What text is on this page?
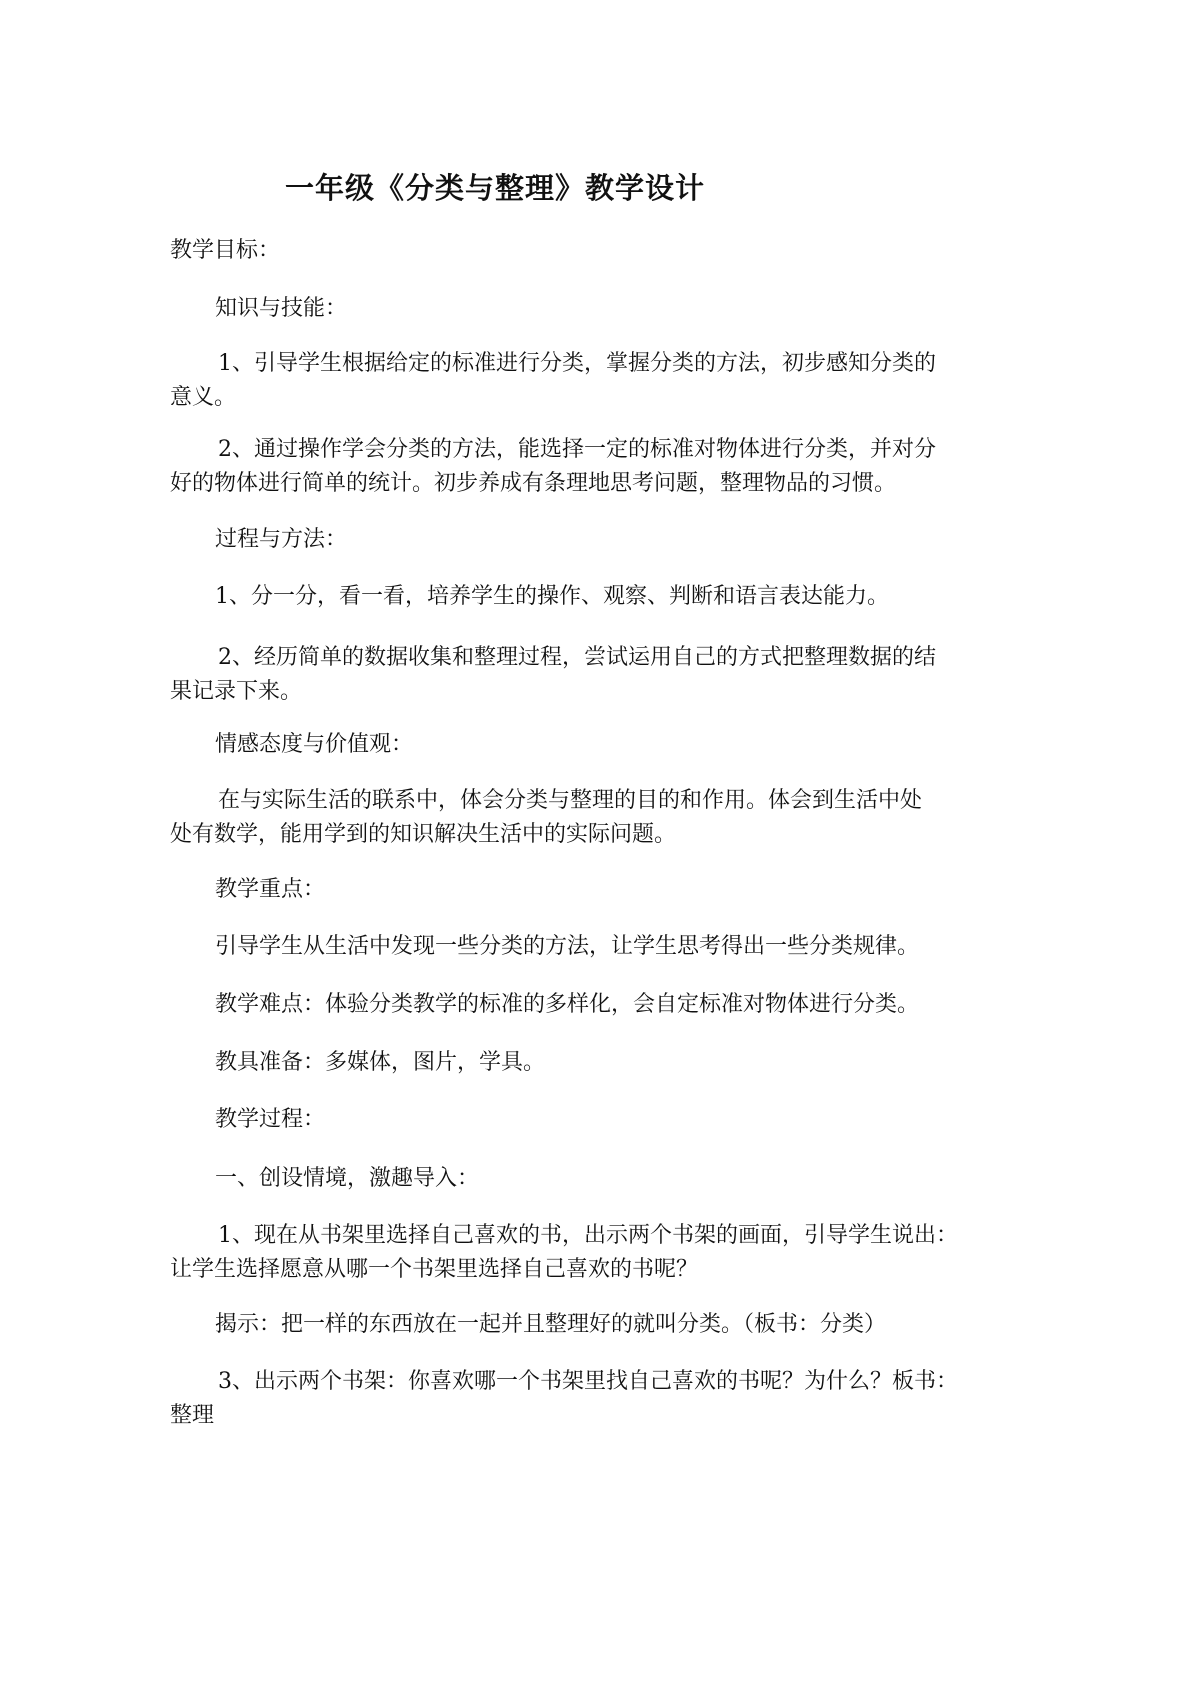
一年级《分类与整理》教学设计
教学目标：
知识与技能：
1、引导学生根据给定的标准进行分类，掌握分类的方法，初步感知分类的
意义。
2、通过操作学会分类的方法，能选择一定的标准对物体进行分类，并对分
好的物体进行简单的统计。初步养成有条理地思考问题，整理物品的习惯。
过程与方法：
1、分一分，看一看，培养学生的操作、观察、判断和语言表达能力。
2、经历简单的数据收集和整理过程，尝试运用自己的方式把整理数据的结
果记录下来。
情感态度与价值观：
在与实际生活的联系中，体会分类与整理的目的和作用。体会到生活中处
处有数学，能用学到的知识解决生活中的实际问题。
教学重点：
引导学生从生活中发现一些分类的方法，让学生思考得出一些分类规律。
教学难点：体验分类教学的标准的多样化，会自定标准对物体进行分类。
教具准备：多媒体，图片，学具。
教学过程：
一、创设情境，激趣导入：
1、现在从书架里选择自己喜欢的书，出示两个书架的画面，引导学生说出：
让学生选择愿意从哪一个书架里选择自己喜欢的书呢？
揭示：把一样的东西放在一起并且整理好的就叫分类。（板书：分类）
3、出示两个书架：你喜欢哪一个书架里找自己喜欢的书呢？为什么？板书：
整理
